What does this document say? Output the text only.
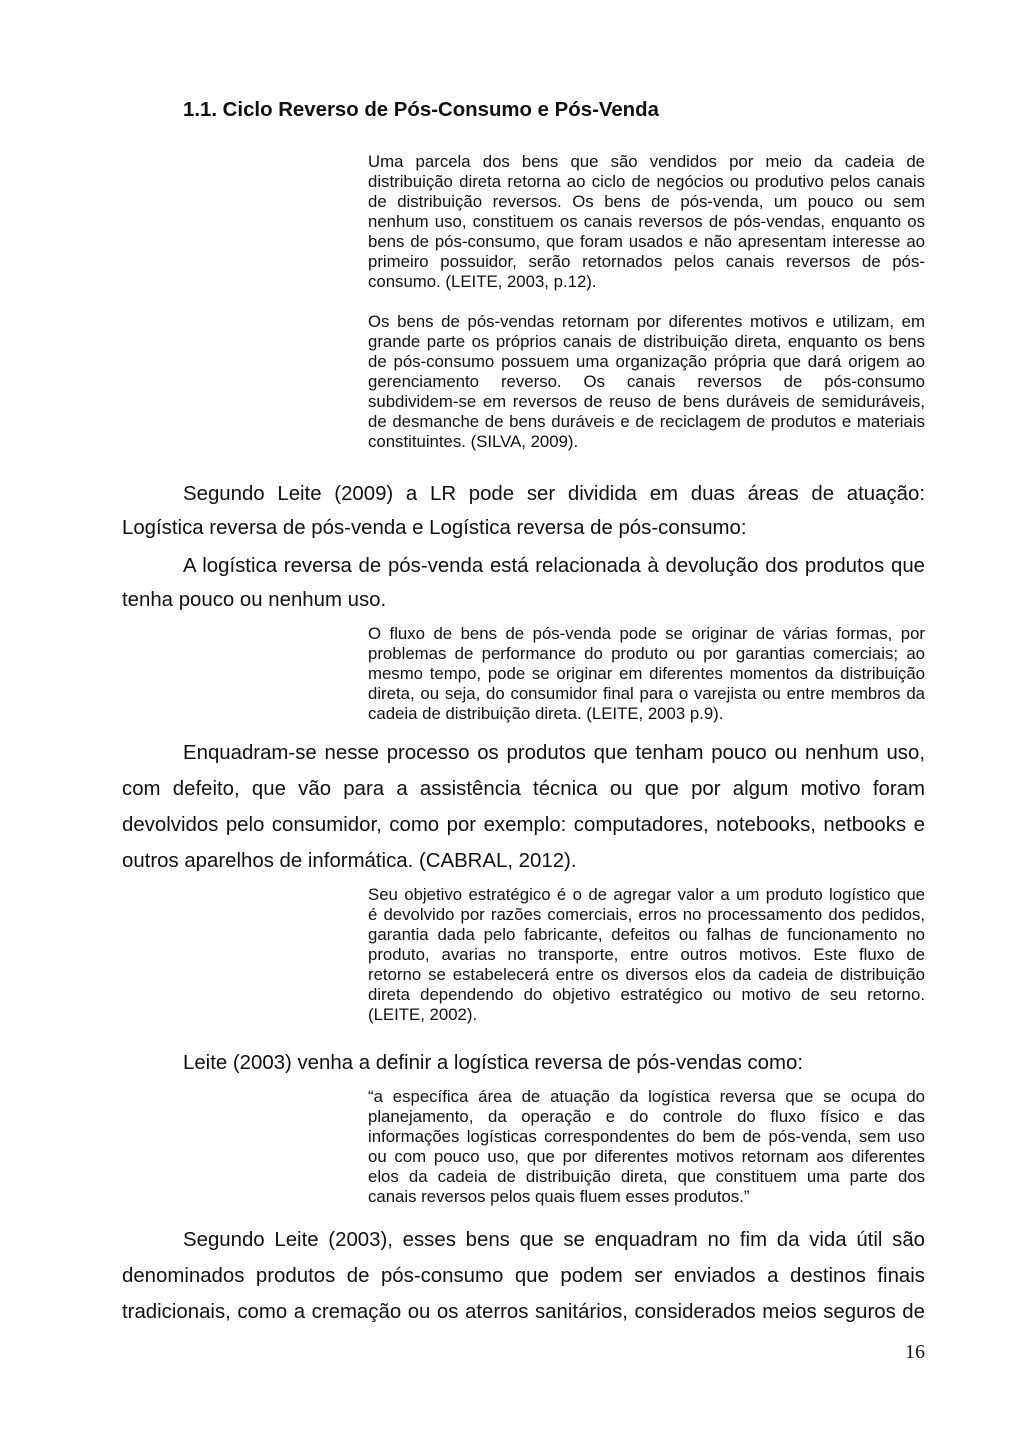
1.1. Ciclo Reverso de Pós-Consumo e Pós-Venda
Uma parcela dos bens que são vendidos por meio da cadeia de
distribuição direta retorna ao ciclo de negócios ou produtivo pelos canais
de distribuição reversos. Os bens de pós-venda, um pouco ou sem
nenhum uso, constituem os canais reversos de pós-vendas, enquanto os
bens de pós-consumo, que foram usados e não apresentam interesse ao
primeiro possuidor, serão retornados pelos canais reversos de pós-
consumo. (LEITE, 2003, p.12).
Os bens de pós-vendas retornam por diferentes motivos e utilizam, em
grande parte os próprios canais de distribuição direta, enquanto os bens
de pós-consumo possuem uma organização própria que dará origem ao
gerenciamento reverso. Os canais reversos de pós-consumo
subdividem-se em reversos de reuso de bens duráveis de semiduráveis,
de desmanche de bens duráveis e de reciclagem de produtos e materiais
constituintes. (SILVA, 2009).
Segundo Leite (2009) a LR pode ser dividida em duas áreas de atuação:
Logística reversa de pós-venda e Logística reversa de pós-consumo:
A logística reversa de pós-venda está relacionada à devolução dos produtos que
tenha pouco ou nenhum uso.
O fluxo de bens de pós-venda pode se originar de várias formas, por
problemas de performance do produto ou por garantias comerciais; ao
mesmo tempo, pode se originar em diferentes momentos da distribuição
direta, ou seja, do consumidor final para o varejista ou entre membros da
cadeia de distribuição direta. (LEITE, 2003 p.9).
Enquadram-se nesse processo os produtos que tenham pouco ou nenhum uso,
com defeito, que vão para a assistência técnica ou que por algum motivo foram
devolvidos pelo consumidor, como por exemplo: computadores, notebooks, netbooks e
outros aparelhos de informática. (CABRAL, 2012).
Seu objetivo estratégico é o de agregar valor a um produto logístico que
é devolvido por razões comerciais, erros no processamento dos pedidos,
garantia dada pelo fabricante, defeitos ou falhas de funcionamento no
produto, avarias no transporte, entre outros motivos. Este fluxo de
retorno se estabelecerá entre os diversos elos da cadeia de distribuição
direta dependendo do objetivo estratégico ou motivo de seu retorno.
(LEITE, 2002).
Leite (2003) venha a definir a logística reversa de pós-vendas como:
“a específica área de atuação da logística reversa que se ocupa do
planejamento, da operação e do controle do fluxo físico e das
informações logísticas correspondentes do bem de pós-venda, sem uso
ou com pouco uso, que por diferentes motivos retornam aos diferentes
elos da cadeia de distribuição direta, que constituem uma parte dos
canais reversos pelos quais fluem esses produtos.”
Segundo Leite (2003), esses bens que se enquadram no fim da vida útil são
denominados produtos de pós-consumo que podem ser enviados a destinos finais
tradicionais, como a cremação ou os aterros sanitários, considerados meios seguros de
16
